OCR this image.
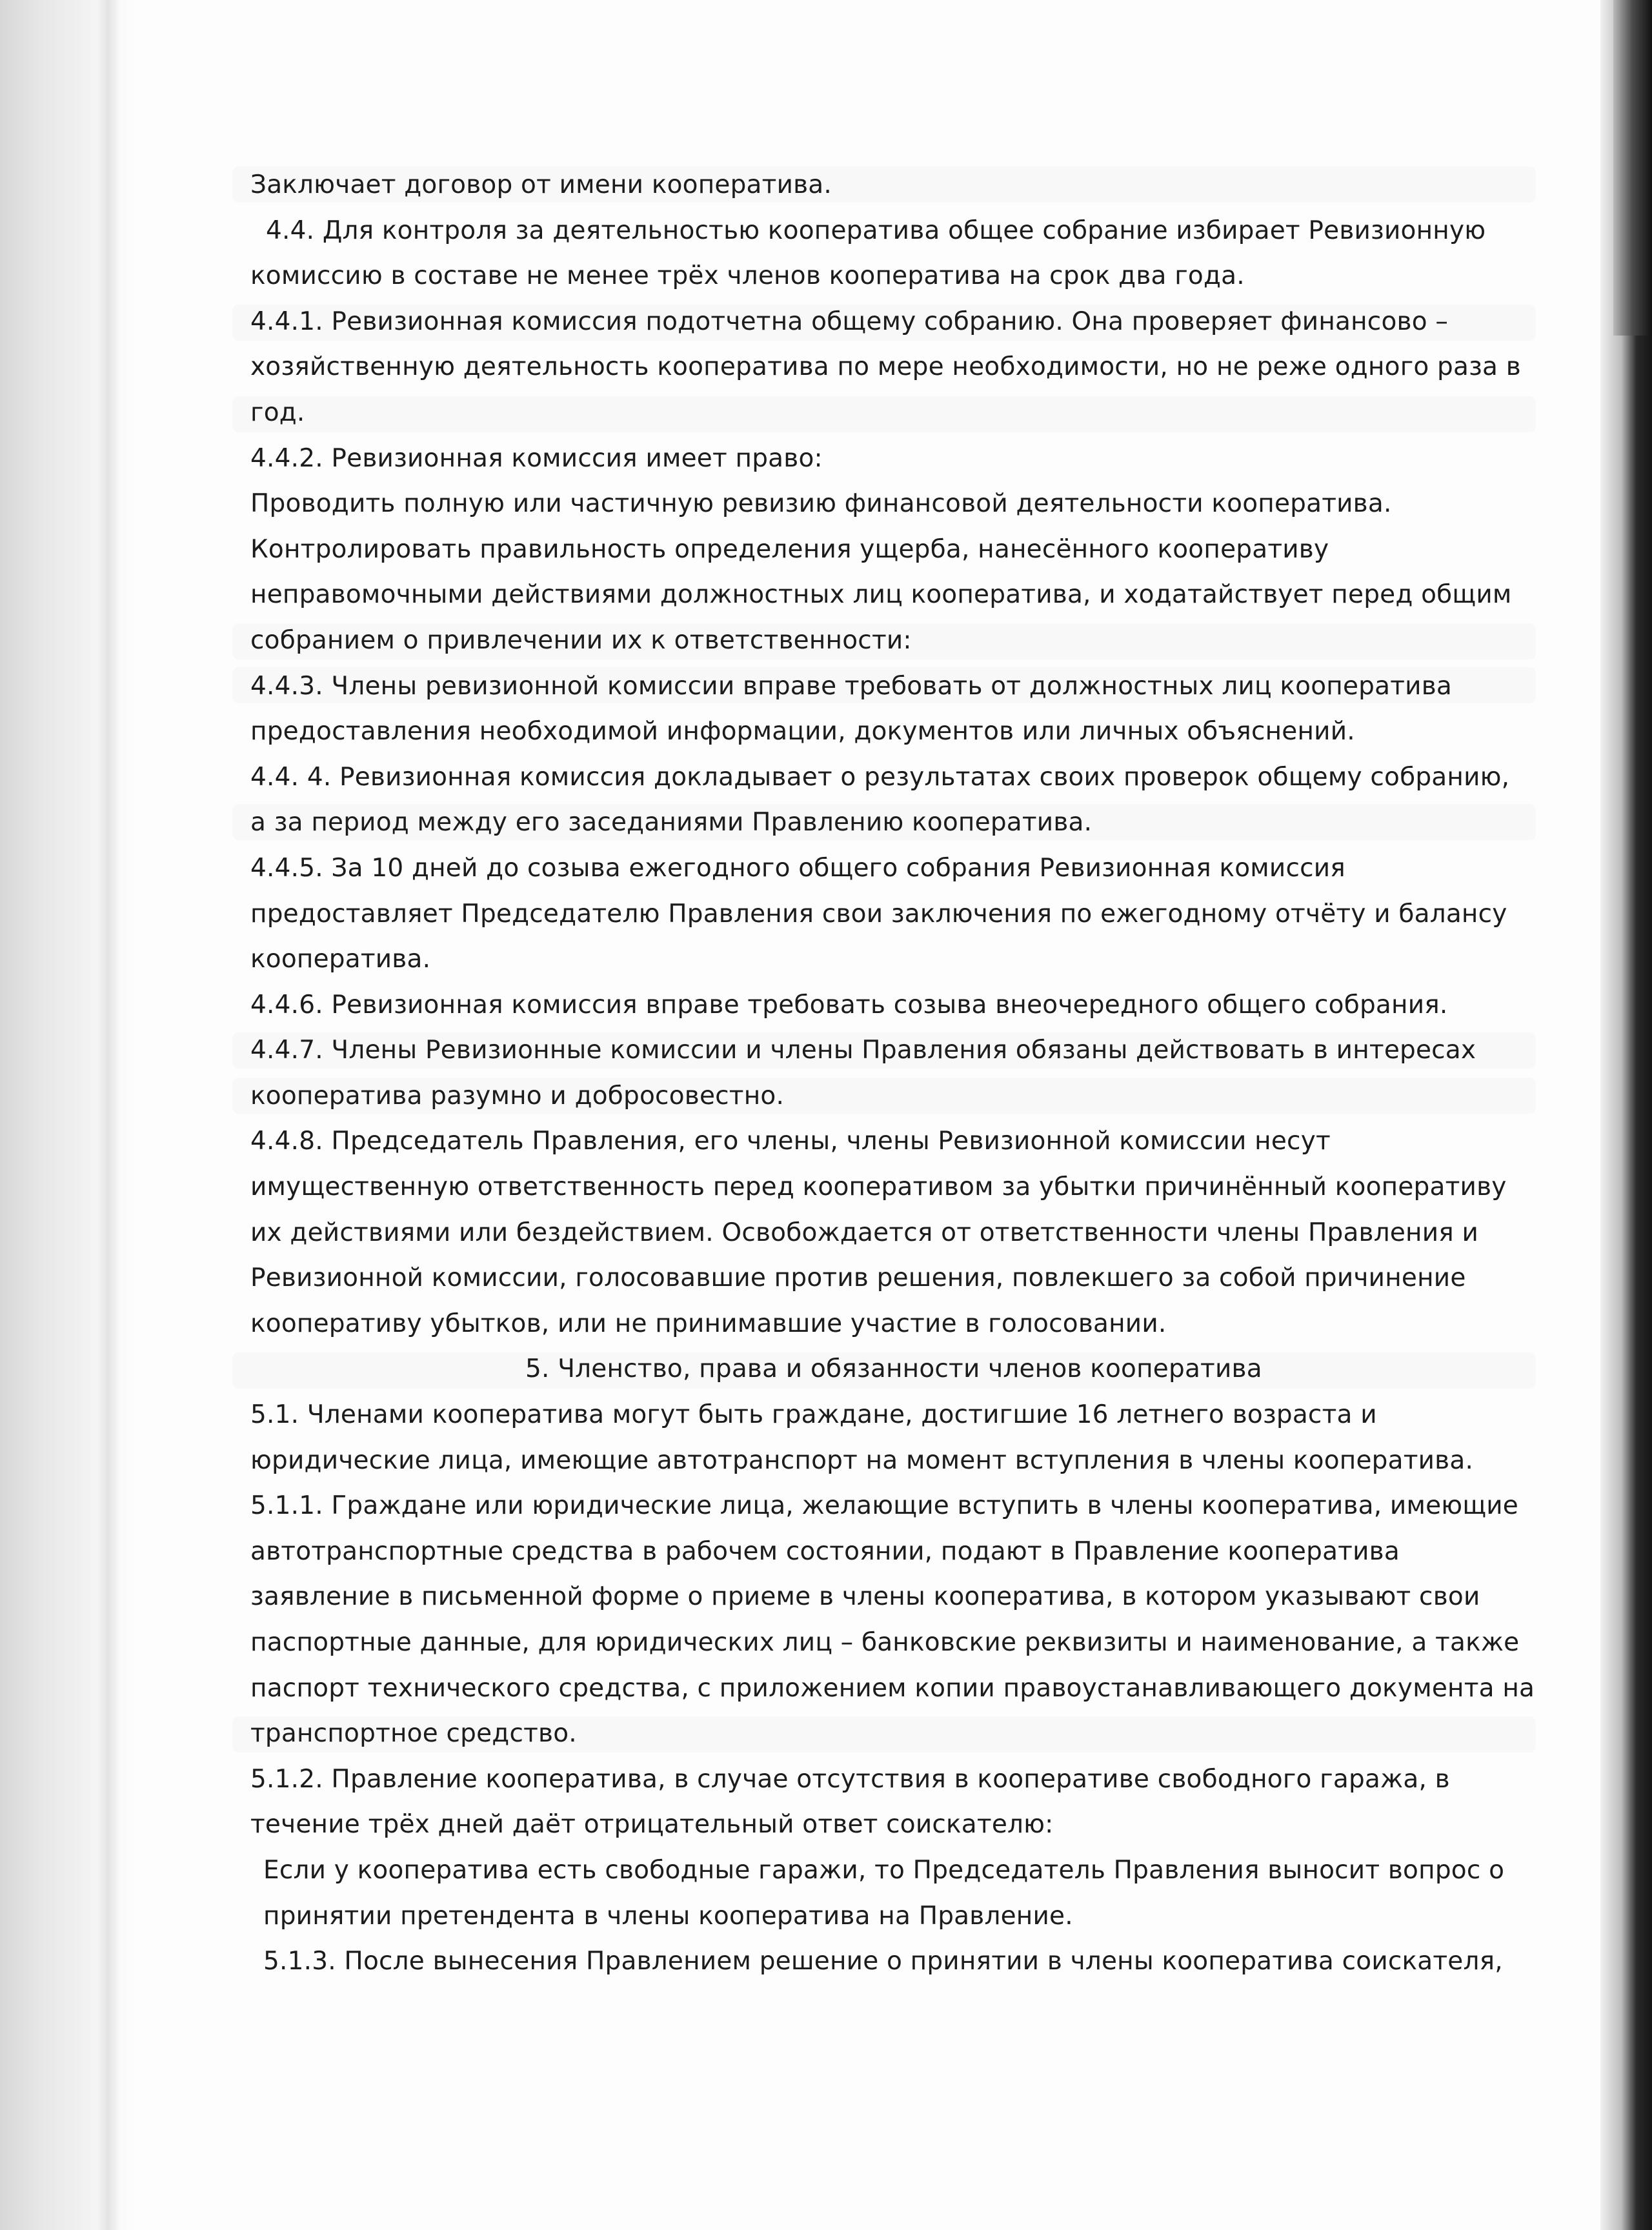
Заключает договор от имени кооператива.
4.4. Для контроля за деятельностью кооператива общее собрание избирает Ревизионную
комиссию в составе не менее трёх членов кооператива на срок два года.
4.4.1. Ревизионная комиссия подотчетна общему собранию. Она проверяет финансово –
хозяйственную деятельность кооператива по мере необходимости, но не реже одного раза в
год.
4.4.2. Ревизионная комиссия имеет право:
Проводить полную или частичную ревизию финансовой деятельности кооператива.
Контролировать правильность определения ущерба, нанесённого кооперативу
неправомочными действиями должностных лиц кооператива, и ходатайствует перед общим
собранием о привлечении их к ответственности:
4.4.3. Члены ревизионной комиссии вправе требовать от должностных лиц кооператива
предоставления необходимой информации, документов или личных объяснений.
4.4. 4. Ревизионная комиссия докладывает о результатах своих проверок общему собранию,
а за период между его заседаниями Правлению кооператива.
4.4.5. За 10 дней до созыва ежегодного общего собрания Ревизионная комиссия
предоставляет Председателю Правления свои заключения по ежегодному отчёту и балансу
кооператива.
4.4.6. Ревизионная комиссия вправе требовать созыва внеочередного общего собрания.
4.4.7. Члены Ревизионные комиссии и члены Правления обязаны действовать в интересах
кооператива разумно и добросовестно.
4.4.8. Председатель Правления, его члены, члены Ревизионной комиссии несут
имущественную ответственность перед кооперативом за убытки причинённый кооперативу
их действиями или бездействием. Освобождается от ответственности члены Правления и
Ревизионной комиссии, голосовавшие против решения, повлекшего за собой причинение
кооперативу убытков, или не принимавшие участие в голосовании.
5. Членство, права и обязанности членов кооператива
5.1. Членами кооператива могут быть граждане, достигшие 16 летнего возраста и
юридические лица, имеющие автотранспорт на момент вступления в члены кооператива.
5.1.1. Граждане или юридические лица, желающие вступить в члены кооператива, имеющие
автотранспортные средства в рабочем состоянии, подают в Правление кооператива
заявление в письменной форме о приеме в члены кооператива, в котором указывают свои
паспортные данные, для юридических лиц – банковские реквизиты и наименование, а также
паспорт технического средства, с приложением копии правоустанавливающего документа на
транспортное средство.
5.1.2. Правление кооператива, в случае отсутствия в кооперативе свободного гаража, в
течение трёх дней даёт отрицательный ответ соискателю:
Если у кооператива есть свободные гаражи, то Председатель Правления выносит вопрос о
принятии претендента в члены кооператива на Правление.
5.1.3. После вынесения Правлением решение о принятии в члены кооператива соискателя,
